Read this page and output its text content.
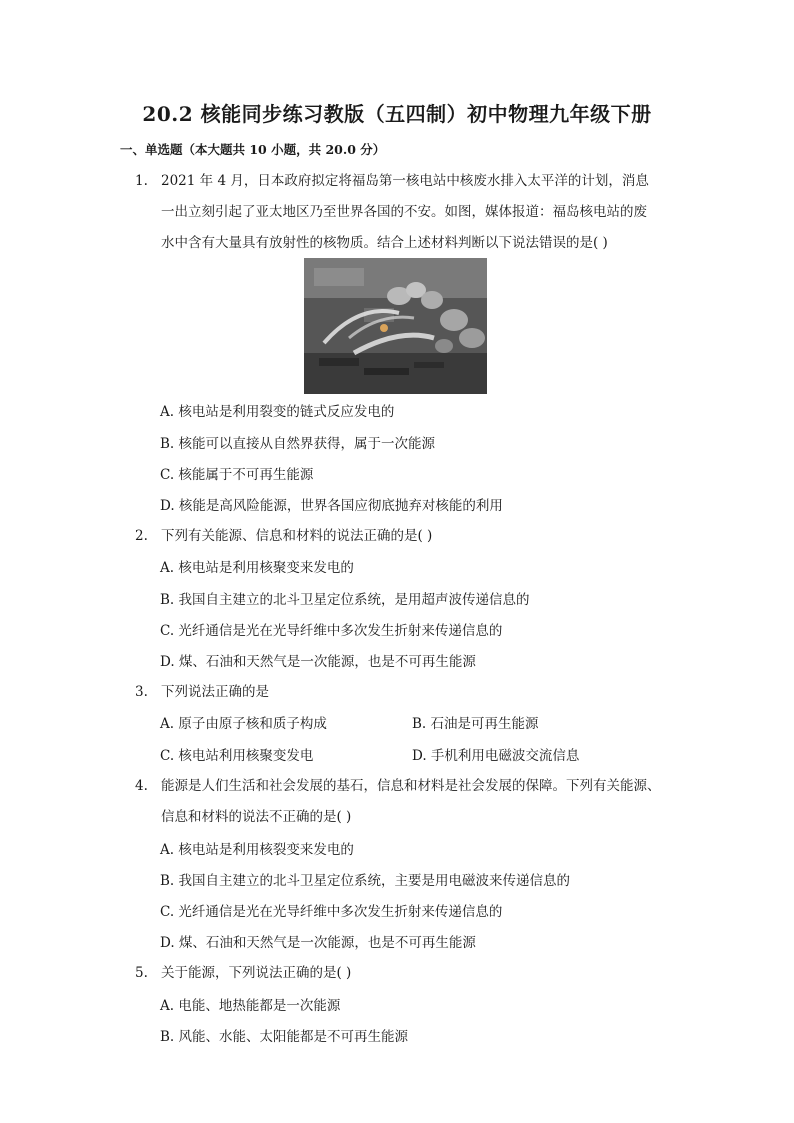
20.2 核能同步练习教版（五四制）初中物理九年级下册
一、单选题（本大题共 10 小题，共 20.0 分）
1. 2021 年 4 月，日本政府拟定将福岛第一核电站中核废水排入太平洋的计划，消息
一出立刻引起了亚太地区乃至世界各国的不安。如图，媒体报道：福岛核电站的废
水中含有大量具有放射性的核物质。结合上述材料判断以下说法错误的是( )
A. 核电站是利用裂变的链式反应发电的
B. 核能可以直接从自然界获得，属于一次能源
C. 核能属于不可再生能源
D. 核能是高风险能源，世界各国应彻底抛弃对核能的利用
2. 下列有关能源、信息和材料的说法正确的是( )
A. 核电站是利用核聚变来发电的
B. 我国自主建立的北斗卫星定位系统，是用超声波传递信息的
C. 光纤通信是光在光导纤维中多次发生折射来传递信息的
D. 煤、石油和天然气是一次能源，也是不可再生能源
3. 下列说法正确的是
A. 原子由原子核和质子构成	B. 石油是可再生能源
C. 核电站利用核聚变发电	D. 手机利用电磁波交流信息
4. 能源是人们生活和社会发展的基石，信息和材料是社会发展的保障。下列有关能源、
信息和材料的说法不正确的是( )
A. 核电站是利用核裂变来发电的
B. 我国自主建立的北斗卫星定位系统，主要是用电磁波来传递信息的
C. 光纤通信是光在光导纤维中多次发生折射来传递信息的
D. 煤、石油和天然气是一次能源，也是不可再生能源
5. 关于能源，下列说法正确的是( )
A. 电能、地热能都是一次能源
B. 风能、水能、太阳能都是不可再生能源
